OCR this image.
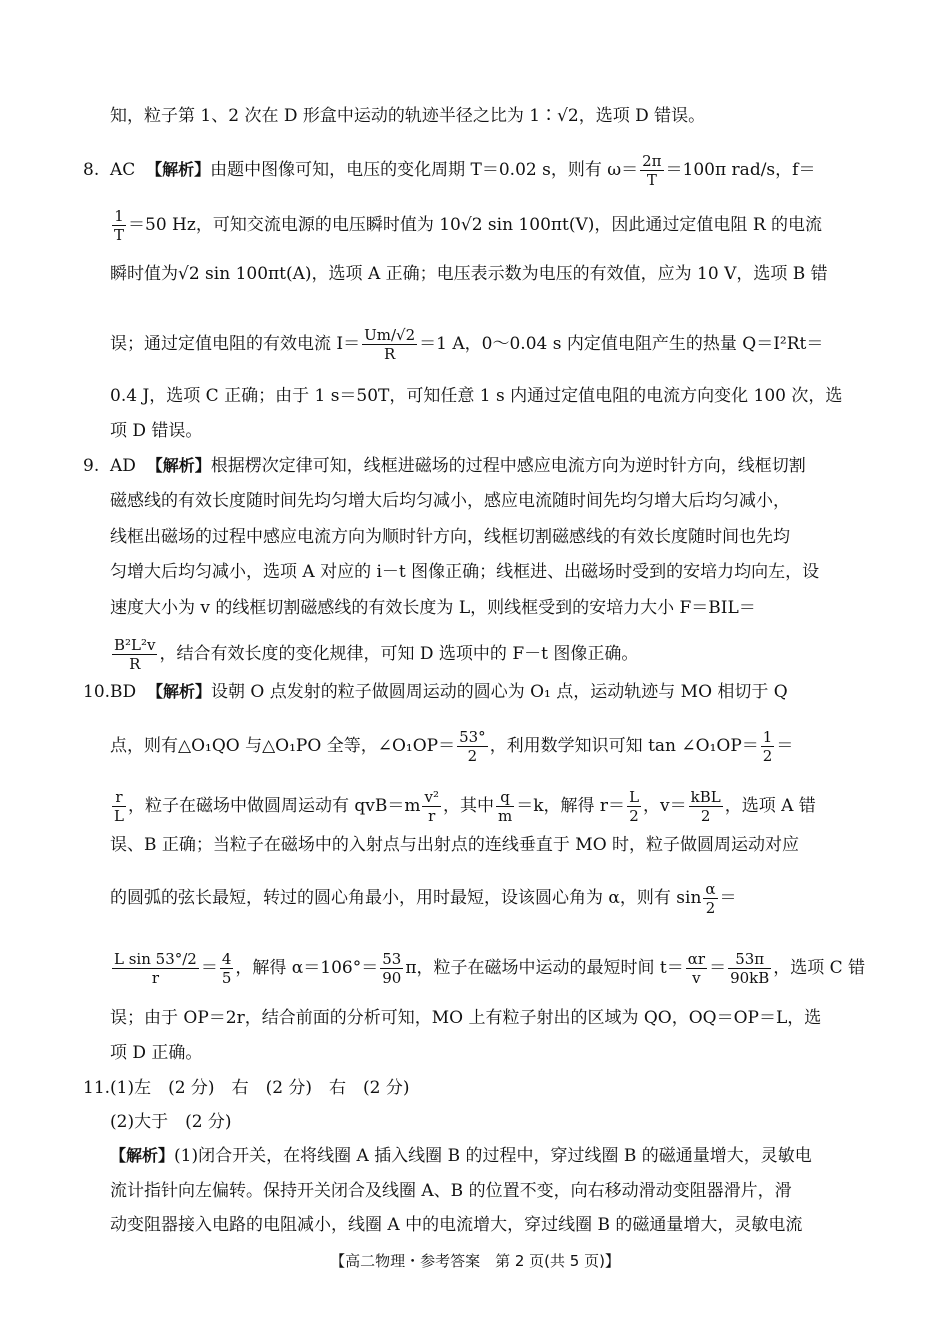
知，粒子第 1、2 次在 D 形盒中运动的轨迹半径之比为 1∶√2，选项 D 错误。
8. AC 【解析】由题中图像可知，电压的变化周期 T＝0.02 s，则有 $\omega= \frac{2\pi}{T} =100\pi$ rad/s，f＝
$\frac{1}{T} =50$ Hz，可知交流电源的电压瞬时值为 10√2 sin 100πt(V)，因此通过定值电阻 R 的电流
瞬时值为√2 sin 100πt(A)，选项 A 正确；电压表示数为电压的有效值，应为 10 V，选项 B 错
误；通过定值电阻的有效电流 $I= \frac{Um/√2}{R} =1$ A，0～0.04 s 内定值电阻产生的热量 Q＝I²Rt＝
0.4 J，选项 C 正确；由于 1 s＝50T，可知任意 1 s 内通过定值电阻的电流方向变化 100 次，选
项 D 错误。
9. AD 【解析】根据楞次定律可知，线框进磁场的过程中感应电流方向为逆时针方向，线框切割
磁感线的有效长度随时间先均匀增大后均匀减小，感应电流随时间先均匀增大后均匀减小，
线框出磁场的过程中感应电流方向为顺时针方向，线框切割磁感线的有效长度随时间也先均
匀增大后均匀减小，选项 A 对应的 i－t 图像正确；线框进、出磁场时受到的安培力均向左，设
速度大小为 v 的线框切割磁感线的有效长度为 L，则线框受到的安培力大小 F＝BIL＝
$\frac{\text{B²L²v}}{R}$ ，结合有效长度的变化规律，可知 D 选项中的 F－t 图像正确。
10.BD 【解析】设朝 O 点发射的粒子做圆周运动的圆心为 O₁ 点，运动轨迹与 MO 相切于 Q
点，则有△O₁QO 与△O₁PO 全等，∠O₁OP＝ $\frac{53^\circ}{2}$ ，利用数学知识可知 tan ∠O₁OP＝ $\frac{1}{2}$ ＝
$\frac{r}{L}$ ，粒子在磁场中做圆周运动有 $qvB=m \frac{\text{v²}}{r}$ ，其中 $\frac{q}{m} =k$，解得 $r= \frac{L}{2}$ ，$v= \frac{\text{kBL}}{2}$ ，选项 A 错
误、B 正确；当粒子在磁场中的入射点与出射点的连线垂直于 MO 时，粒子做圆周运动对应
的圆弧的弦长最短，转过的圆心角最小，用时最短，设该圆心角为 α，则有 $\sin \frac{\alpha}{2}$ ＝
$\frac{\text{L sin 53°/2}}{r} = \frac{4}{5}$ ，解得 $\alpha=106^\circ= \frac{53}{90}$ π，粒子在磁场中运动的最短时间 $t= \frac{\alpha r}{v} = \frac{53\pi}{90kB}$ ，选项 C 错
误；由于 OP＝2r，结合前面的分析可知，MO 上有粒子射出的区域为 QO，OQ＝OP＝L，选
项 D 正确。
11.(1)左　(2 分)　右　(2 分)　右　(2 分)
(2)大于　(2 分)
【解析】(1)闭合开关，在将线圈 A 插入线圈 B 的过程中，穿过线圈 B 的磁通量增大，灵敏电
流计指针向左偏转。保持开关闭合及线圈 A、B 的位置不变，向右移动滑动变阻器滑片，滑
动变阻器接入电路的电阻减小，线圈 A 中的电流增大，穿过线圈 B 的磁通量增大，灵敏电流
【高二物理・参考答案　第 2 页(共 5 页)】
